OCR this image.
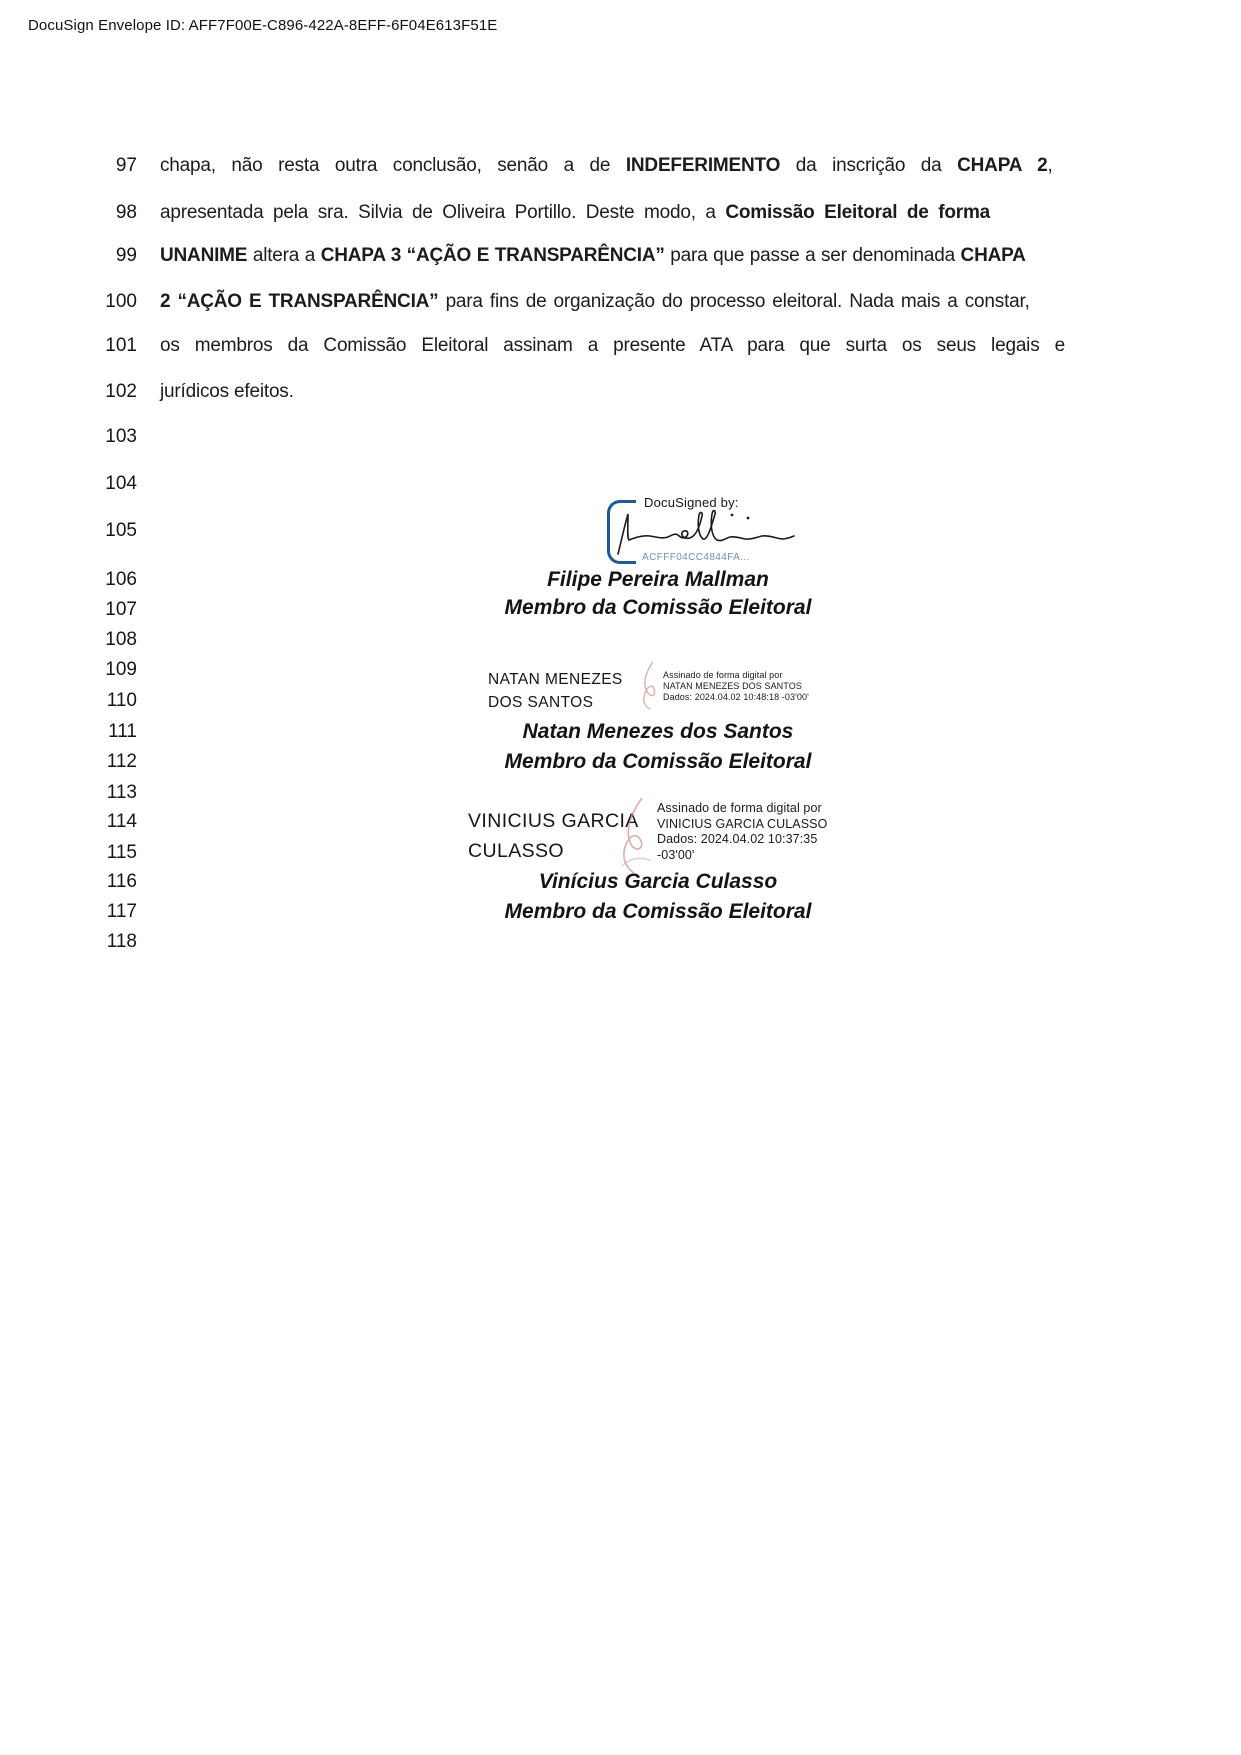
DocuSign Envelope ID: AFF7F00E-C896-422A-8EFF-6F04E613F51E
97
98
99
100
101
102
103
104
105
106
107
108
109
110
111
112
113
114
115
116
117
118
chapa, não resta outra conclusão, senão a de INDEFERIMENTO da inscrição da CHAPA 2,
apresentada pela sra. Silvia de Oliveira Portillo. Deste modo, a Comissão Eleitoral de forma
UNANIME altera a CHAPA 3 “AÇÃO E TRANSPARÊNCIA” para que passe a ser denominada CHAPA
2 “AÇÃO E TRANSPARÊNCIA” para fins de organização do processo eleitoral. Nada mais a constar,
os membros da Comissão Eleitoral assinam a presente ATA para que surta os seus legais e
jurídicos efeitos.
DocuSigned by:
ACFFF04CC4844FA...
Filipe Pereira Mallman
Membro da Comissão Eleitoral
NATAN MENEZES
DOS SANTOS
Assinado de forma digital por
NATAN MENEZES DOS SANTOS
Dados: 2024.04.02 10:48:18 -03'00'
Natan Menezes dos Santos
Membro da Comissão Eleitoral
VINICIUS GARCIA
CULASSO
Assinado de forma digital por
VINICIUS GARCIA CULASSO
Dados: 2024.04.02 10:37:35
-03'00'
Vinícius Garcia Culasso
Membro da Comissão Eleitoral
